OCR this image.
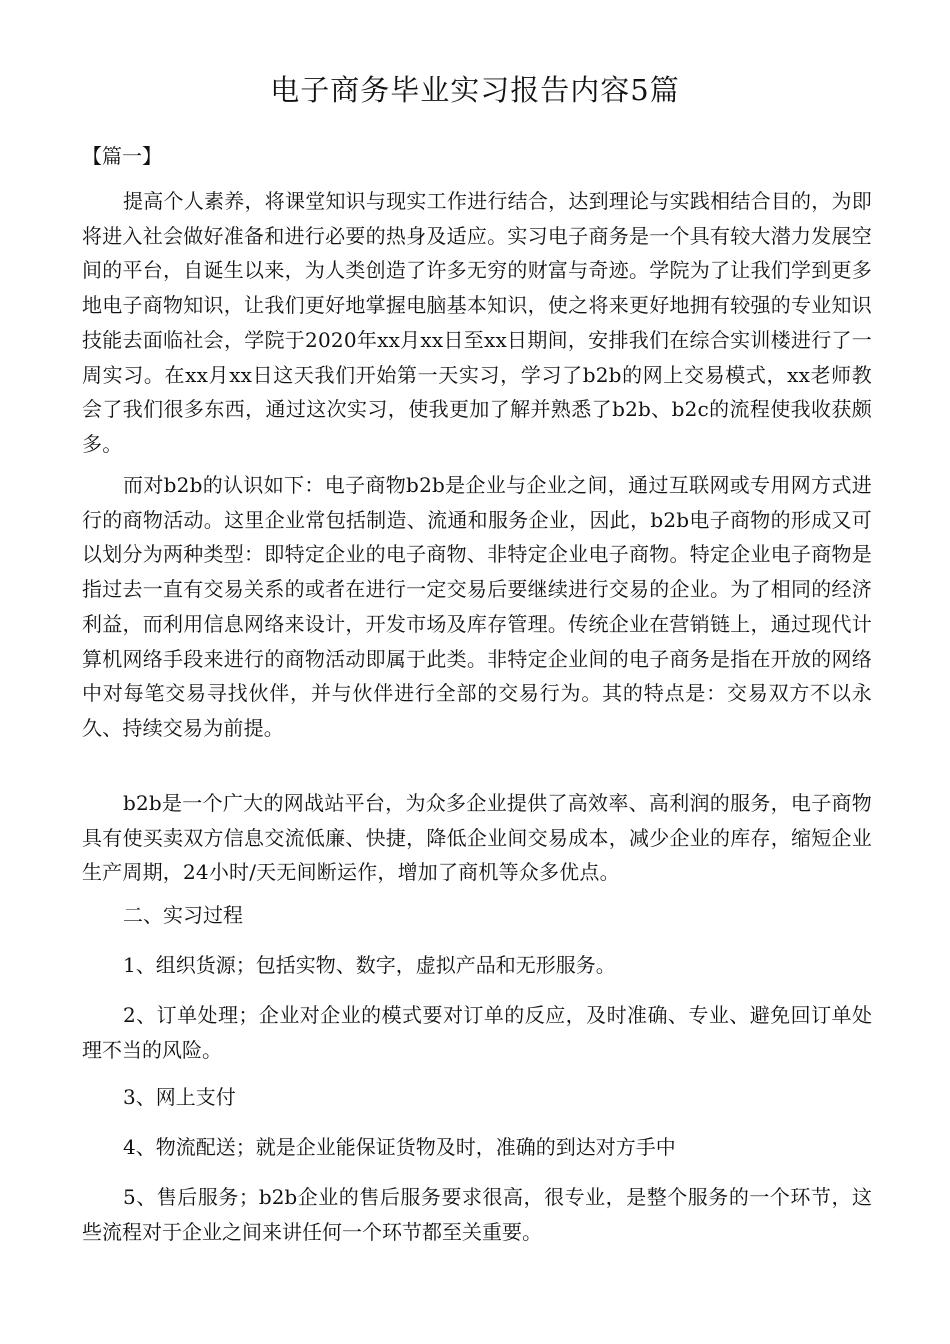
电子商务毕业实习报告内容5篇

【篇一】

提高个人素养，将课堂知识与现实工作进行结合，达到理论与实践相结合目的，为即将进入社会做好准备和进行必要的热身及适应。实习电子商务是一个具有较大潜力发展空间的平台，自诞生以来，为人类创造了许多无穷的财富与奇迹。学院为了让我们学到更多地电子商物知识，让我们更好地掌握电脑基本知识，使之将来更好地拥有较强的专业知识技能去面临社会，学院于2020年xx月xx日至xx日期间，安排我们在综合实训楼进行了一周实习。在xx月xx日这天我们开始第一天实习，学习了b2b的网上交易模式，xx老师教会了我们很多东西，通过这次实习，使我更加了解并熟悉了b2b、b2c的流程使我收获颇多。

而对b2b的认识如下：电子商物b2b是企业与企业之间，通过互联网或专用网方式进行的商物活动。这里企业常包括制造、流通和服务企业，因此，b2b电子商物的形成又可以划分为两种类型：即特定企业的电子商物、非特定企业电子商物。特定企业电子商物是指过去一直有交易关系的或者在进行一定交易后要继续进行交易的企业。为了相同的经济利益，而利用信息网络来设计，开发市场及库存管理。传统企业在营销链上，通过现代计算机网络手段来进行的商物活动即属于此类。非特定企业间的电子商务是指在开放的网络中对每笔交易寻找伙伴，并与伙伴进行全部的交易行为。其的特点是：交易双方不以永久、持续交易为前提。

b2b是一个广大的网战站平台，为众多企业提供了高效率、高利润的服务，电子商物具有使买卖双方信息交流低廉、快捷，降低企业间交易成本，减少企业的库存，缩短企业生产周期，24小时/天无间断运作，增加了商机等众多优点。

二、实习过程

1、组织货源；包括实物、数字，虚拟产品和无形服务。

2、订单处理；企业对企业的模式要对订单的反应，及时准确、专业、避免回订单处理不当的风险。

3、网上支付

4、物流配送；就是企业能保证货物及时，准确的到达对方手中

5、售后服务；b2b企业的售后服务要求很高，很专业，是整个服务的一个环节，这些流程对于企业之间来讲任何一个环节都至关重要。
